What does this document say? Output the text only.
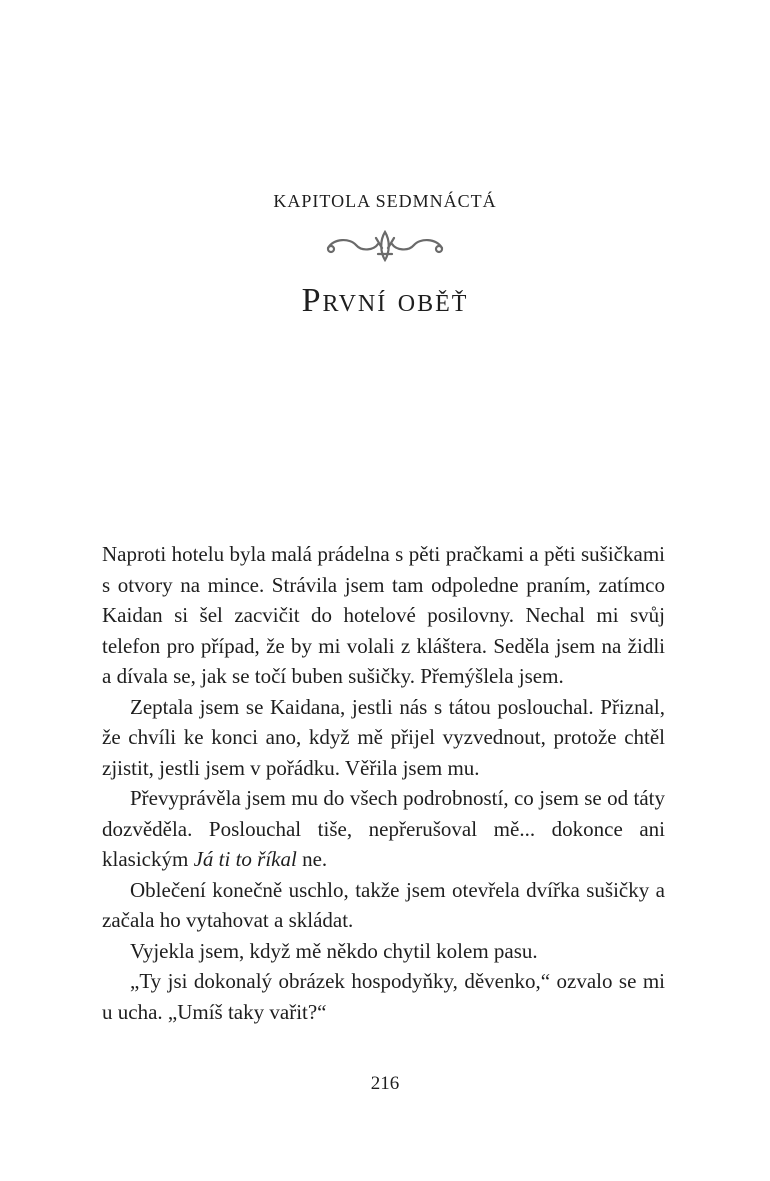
KAPITOLA SEDMNÁCTÁ
První oběť

Naproti hotelu byla malá prádelna s pěti pračkami a pěti sušičkami s otvory na mince. Strávila jsem tam odpoledne praním, zatímco Kaidan si šel zacvičit do hotelové posilovny. Nechal mi svůj telefon pro případ, že by mi volali z kláštera. Seděla jsem na židli a dívala se, jak se točí buben sušičky. Přemýšlela jsem.

Zeptala jsem se Kaidana, jestli nás s tátou poslouchal. Přiznal, že chvíli ke konci ano, když mě přijel vyzvednout, protože chtěl zjistit, jestli jsem v pořádku. Věřila jsem mu.

Převyprávěla jsem mu do všech podrobností, co jsem se od táty dozvěděla. Poslouchal tiše, nepřerušoval mě... dokonce ani klasickým Já ti to říkal ne.

Oblečení konečně uschlo, takže jsem otevřela dvířka sušičky a začala ho vytahovat a skládat.

Vyjekla jsem, když mě někdo chytil kolem pasu.

„Ty jsi dokonalý obrázek hospodyňky, děvenko,“ ozvalo se mi u ucha. „Umíš taky vařit?“

216
